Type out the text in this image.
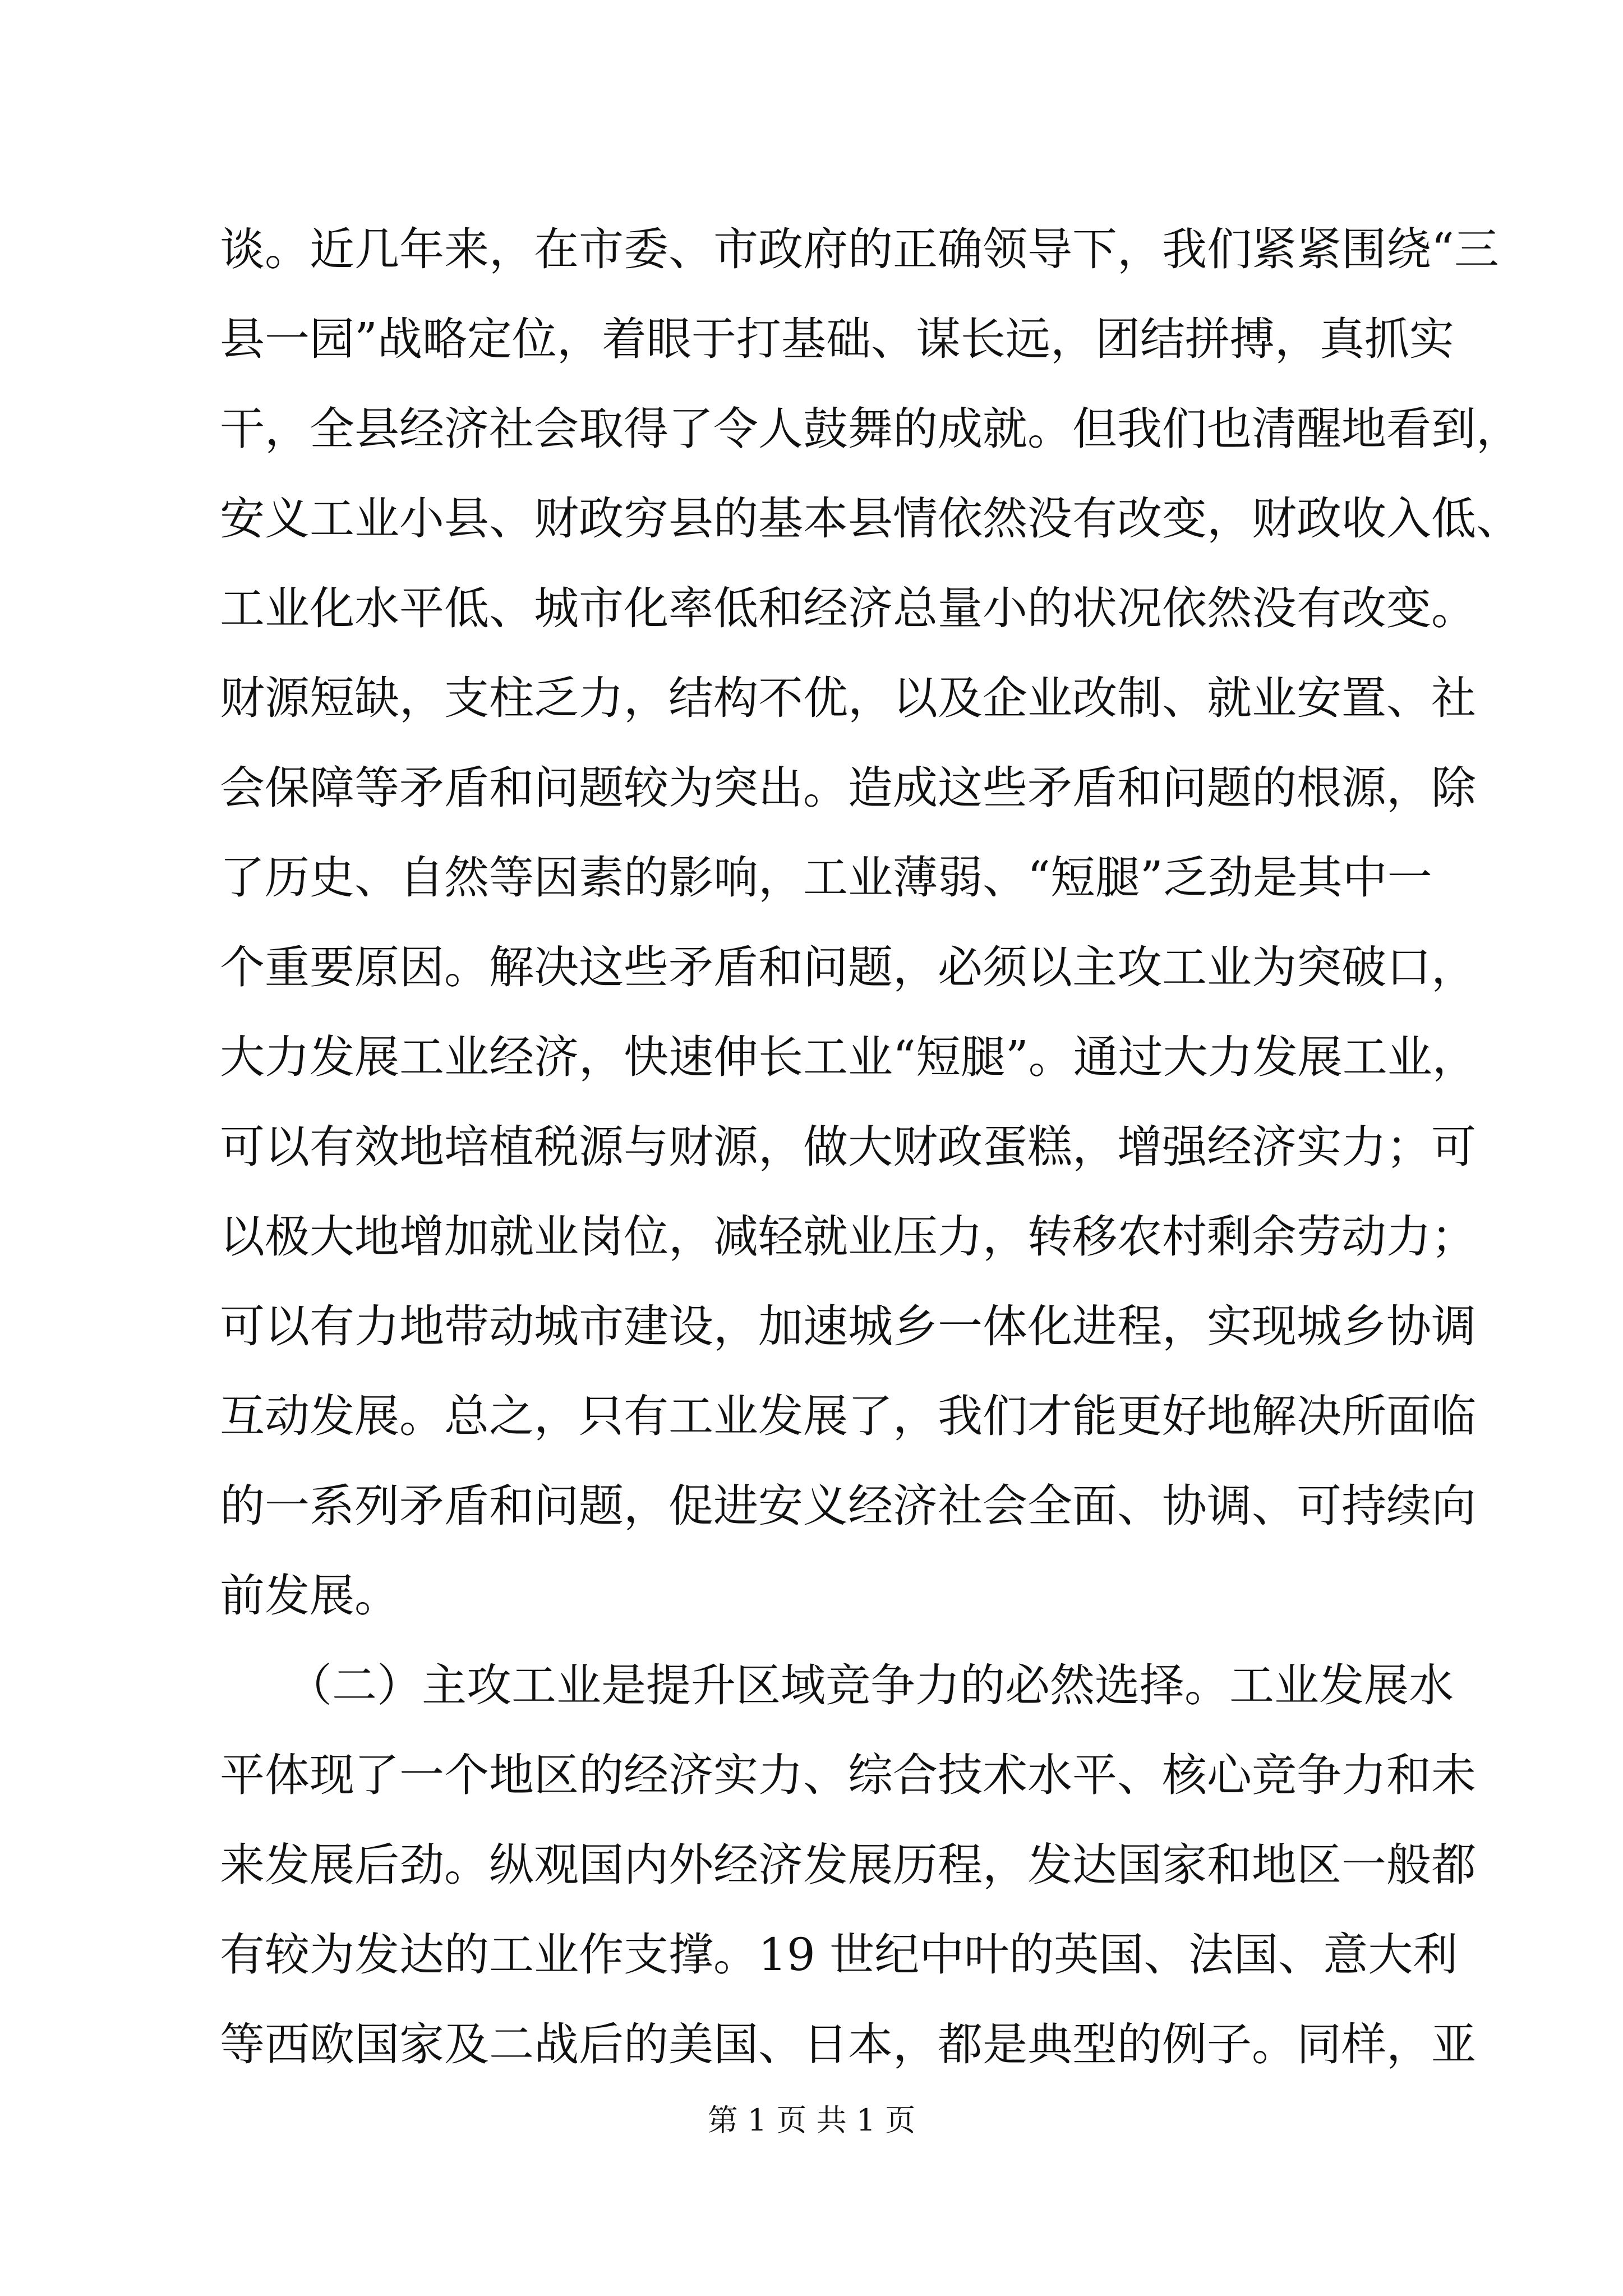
谈。近几年来，在市委、市政府的正确领导下，我们紧紧围绕“三
县一园”战略定位，着眼于打基础、谋长远，团结拼搏，真抓实
干，全县经济社会取得了令人鼓舞的成就。但我们也清醒地看到，
安义工业小县、财政穷县的基本县情依然没有改变，财政收入低、
工业化水平低、城市化率低和经济总量小的状况依然没有改变。
财源短缺，支柱乏力，结构不优，以及企业改制、就业安置、社
会保障等矛盾和问题较为突出。造成这些矛盾和问题的根源，除
了历史、自然等因素的影响，工业薄弱、“短腿”乏劲是其中一
个重要原因。解决这些矛盾和问题，必须以主攻工业为突破口，
大力发展工业经济，快速伸长工业“短腿”。通过大力发展工业，
可以有效地培植税源与财源，做大财政蛋糕，增强经济实力；可
以极大地增加就业岗位，减轻就业压力，转移农村剩余劳动力；
可以有力地带动城市建设，加速城乡一体化进程，实现城乡协调
互动发展。总之，只有工业发展了，我们才能更好地解决所面临
的一系列矛盾和问题，促进安义经济社会全面、协调、可持续向
前发展。
　　（二）主攻工业是提升区域竞争力的必然选择。工业发展水
平体现了一个地区的经济实力、综合技术水平、核心竞争力和未
来发展后劲。纵观国内外经济发展历程，发达国家和地区一般都
有较为发达的工业作支撑。19 世纪中叶的英国、法国、意大利
等西欧国家及二战后的美国、日本，都是典型的例子。同样，亚
第 1 页 共 1 页
